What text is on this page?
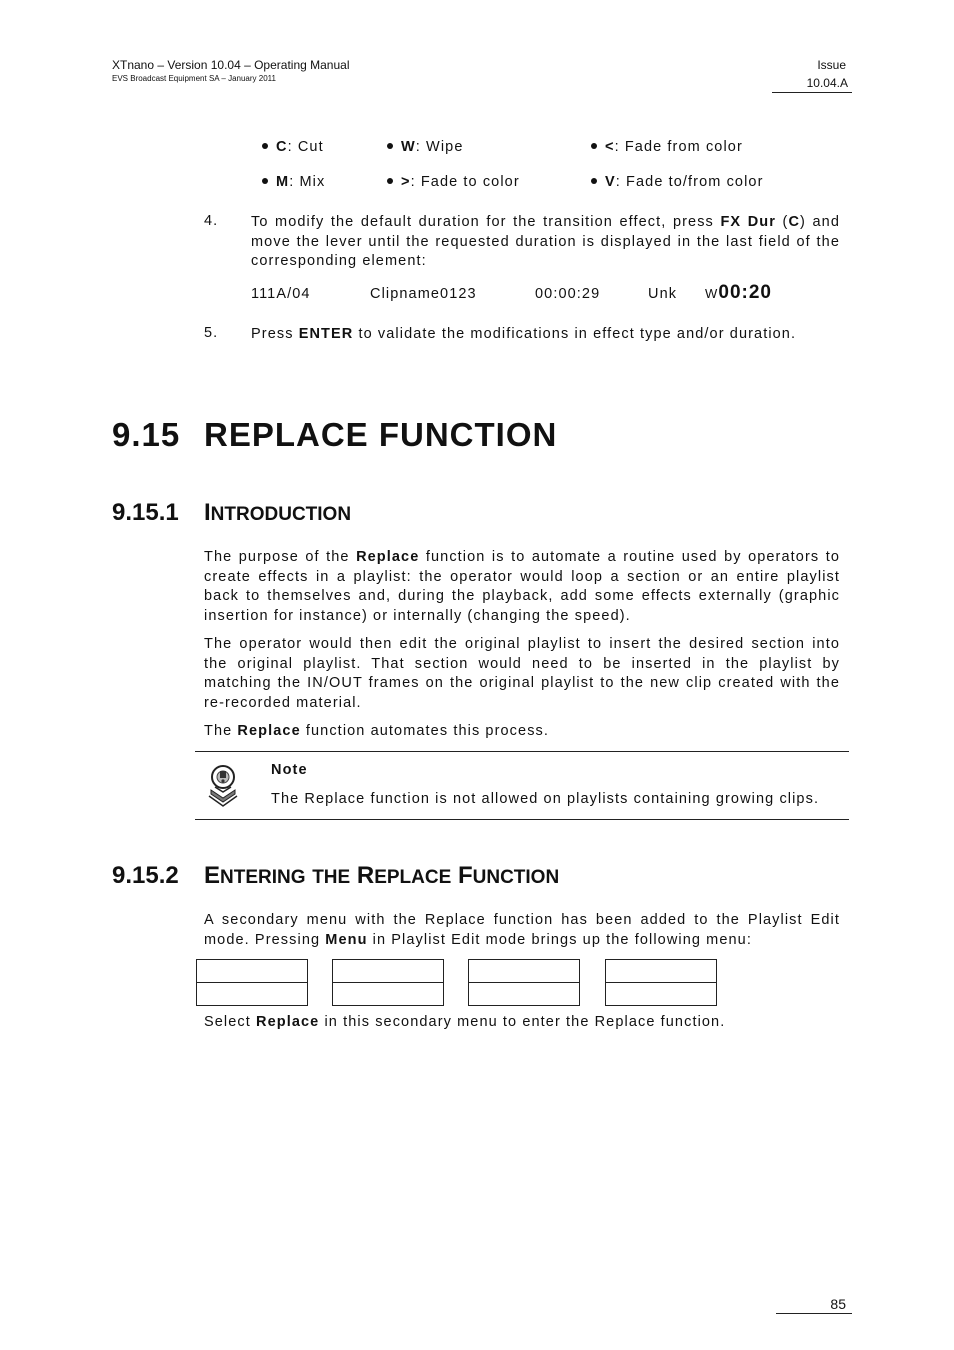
XTnano – Version 10.04 – Operating Manual
EVS Broadcast Equipment SA – January 2011
Issue
10.04.A
C: Cut	W: Wipe	<: Fade from color
M: Mix	>: Fade to color	V: Fade to/from color
4. To modify the default duration for the transition effect, press FX Dur (C) and move the lever until the requested duration is displayed in the last field of the corresponding element:
111A/04	Clipname0123	00:00:29	Unk W00:20
5. Press ENTER to validate the modifications in effect type and/or duration.
9.15 REPLACE FUNCTION
9.15.1 INTRODUCTION
The purpose of the Replace function is to automate a routine used by operators to create effects in a playlist: the operator would loop a section or an entire playlist back to themselves and, during the playback, add some effects externally (graphic insertion for instance) or internally (changing the speed).
The operator would then edit the original playlist to insert the desired section into the original playlist. That section would need to be inserted in the playlist by matching the IN/OUT frames on the original playlist to the new clip created with the re-recorded material.
The Replace function automates this process.
Note
The Replace function is not allowed on playlists containing growing clips.
9.15.2 ENTERING THE REPLACE FUNCTION
A secondary menu with the Replace function has been added to the Playlist Edit mode. Pressing Menu in Playlist Edit mode brings up the following menu:
Select Replace in this secondary menu to enter the Replace function.
85
